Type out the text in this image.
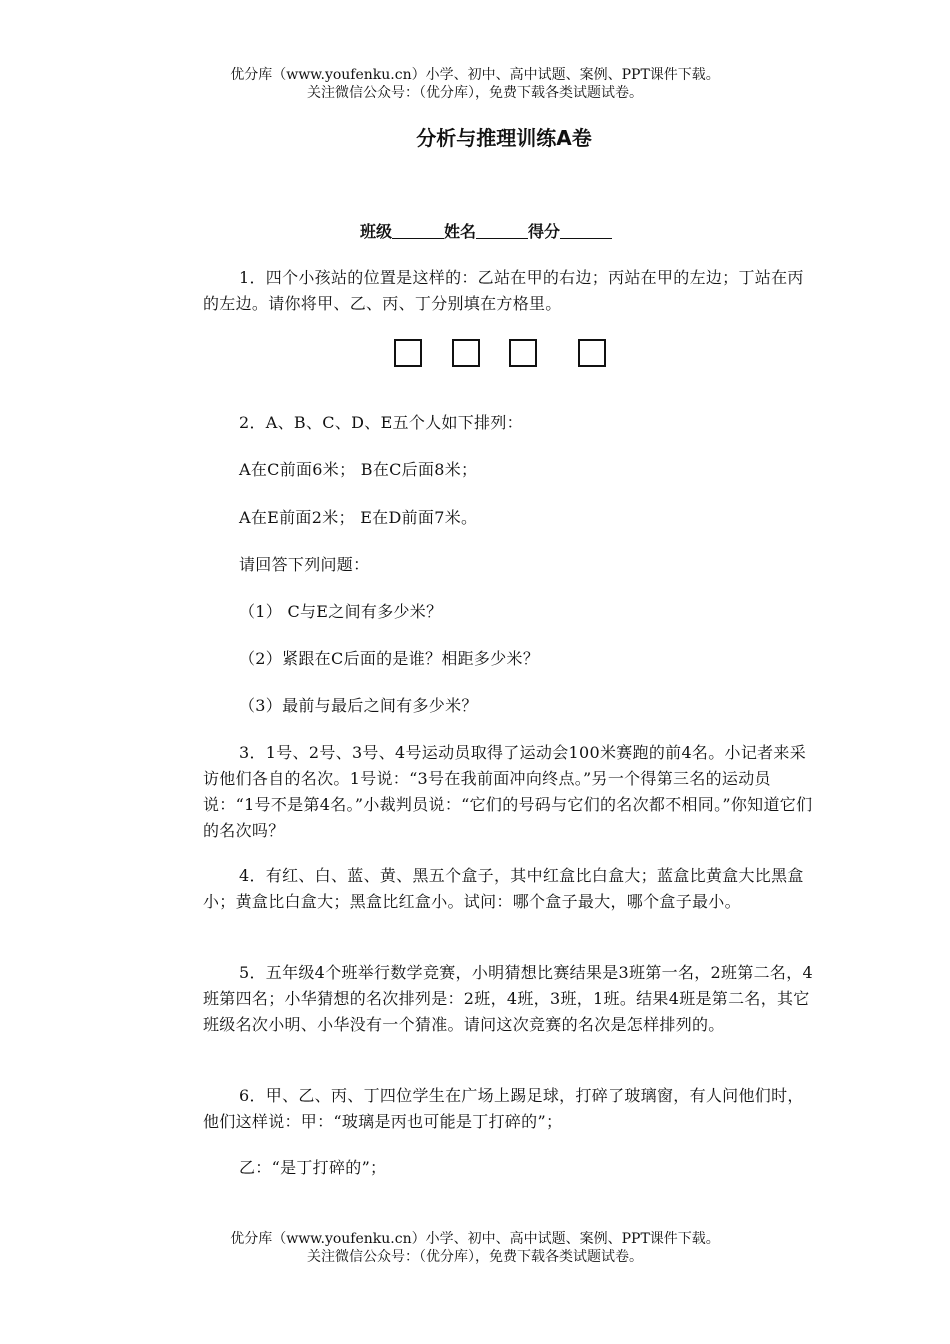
优分库（www.youfenku.cn）小学、初中、高中试题、案例、PPT课件下载。
关注微信公众号：（优分库），免费下载各类试题试卷。
分析与推理训练A卷
班级	姓名	得分
1．四个小孩站的位置是这样的：乙站在甲的右边；丙站在甲的左边；丁站在丙的左边。请你将甲、乙、丙、丁分别填在方格里。
2．A、B、C、D、E五个人如下排列：
A在C前面6米； B在C后面8米；
A在E前面2米； E在D前面7米。
请回答下列问题：
（1） C与E之间有多少米？
（2）紧跟在C后面的是谁？相距多少米？
（3）最前与最后之间有多少米？
3．1号、2号、3号、4号运动员取得了运动会100米赛跑的前4名。小记者来采访他们各自的名次。1号说：“3号在我前面冲向终点。”另一个得第三名的运动员说：“1号不是第4名。”小裁判员说：“它们的号码与它们的名次都不相同。”你知道它们的名次吗？
4．有红、白、蓝、黄、黑五个盒子，其中红盒比白盒大；蓝盒比黄盒大比黑盒小；黄盒比白盒大；黑盒比红盒小。试问：哪个盒子最大，哪个盒子最小。
5．五年级4个班举行数学竞赛，小明猜想比赛结果是3班第一名，2班第二名，4班第四名；小华猜想的名次排列是：2班，4班，3班，1班。结果4班是第二名，其它班级名次小明、小华没有一个猜准。请问这次竞赛的名次是怎样排列的。
6．甲、乙、丙、丁四位学生在广场上踢足球，打碎了玻璃窗，有人问他们时，他们这样说：甲：“玻璃是丙也可能是丁打碎的”；
乙：“是丁打碎的”；
优分库（www.youfenku.cn）小学、初中、高中试题、案例、PPT课件下载。
关注微信公众号：（优分库），免费下载各类试题试卷。
